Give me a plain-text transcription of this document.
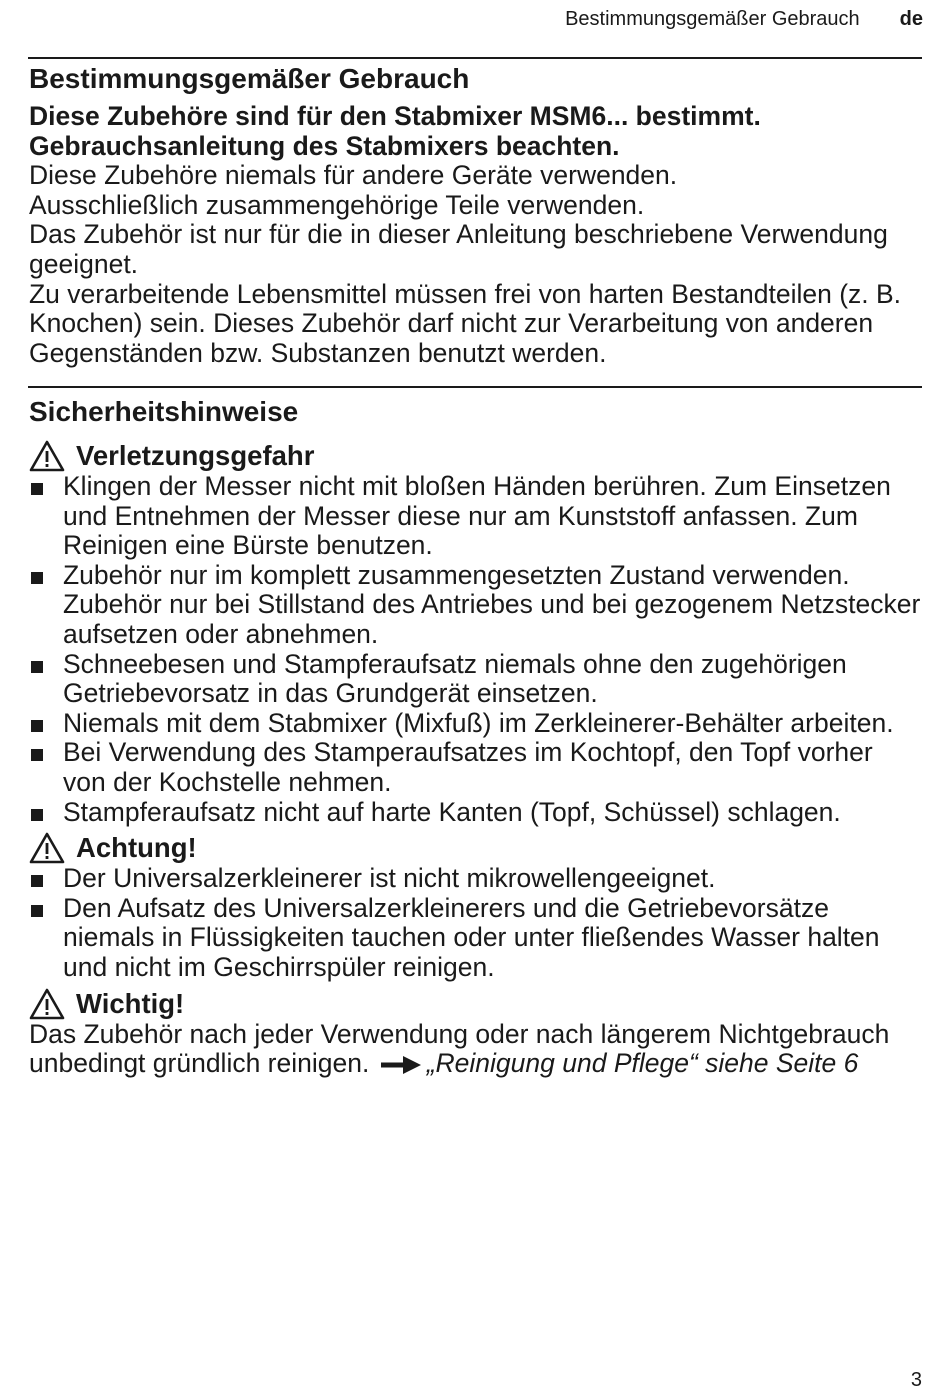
Bestimmungsgemäßer Gebrauch de
Bestimmungsgemäßer Gebrauch

Diese Zubehöre sind für den Stabmixer MSM6... bestimmt.

Gebrauchsanleitung des Stabmixers beachten.

Diese Zubehöre niemals für andere Geräte verwenden.

Ausschließlich zusammengehörige Teile verwenden.

Das Zubehör ist nur für die in dieser Anleitung beschriebene Verwendung geeignet.

Zu verarbeitende Lebensmittel müssen frei von harten Bestandteilen (z. B. Knochen) sein. Dieses Zubehör darf nicht zur Verarbeitung von anderen Gegenständen bzw. Substanzen benutzt werden.

Sicherheitshinweise
Verletzungsgefahr
Klingen der Messer nicht mit bloßen Händen berühren. Zum Einsetzen und Entnehmen der Messer diese nur am Kunststoff anfassen. Zum Reinigen eine Bürste benutzen.
Zubehör nur im komplett zusammengesetzten Zustand verwenden. Zubehör nur bei Stillstand des Antriebes und bei gezogenem Netzstecker aufsetzen oder abnehmen.
Schneebesen und Stampferaufsatz niemals ohne den zugehörigen Getriebevorsatz in das Grundgerät einsetzen.
Niemals mit dem Stabmixer (Mixfuß) im Zerkleinerer-Behälter arbeiten.
Bei Verwendung des Stamperaufsatzes im Kochtopf, den Topf vorher von der Kochstelle nehmen.
Stampferaufsatz nicht auf harte Kanten (Topf, Schüssel) schlagen.
Achtung!
Der Universalzerkleinerer ist nicht mikrowellengeeignet.
Den Aufsatz des Universalzerkleinerers und die Getriebevorsätze niemals in Flüssigkeiten tauchen oder unter fließendes Wasser halten und nicht im Geschirrspüler reinigen.
Wichtig!

Das Zubehör nach jeder Verwendung oder nach längerem Nichtgebrauch unbedingt gründlich reinigen. „Reinigung und Pflege“ siehe Seite 6

3
